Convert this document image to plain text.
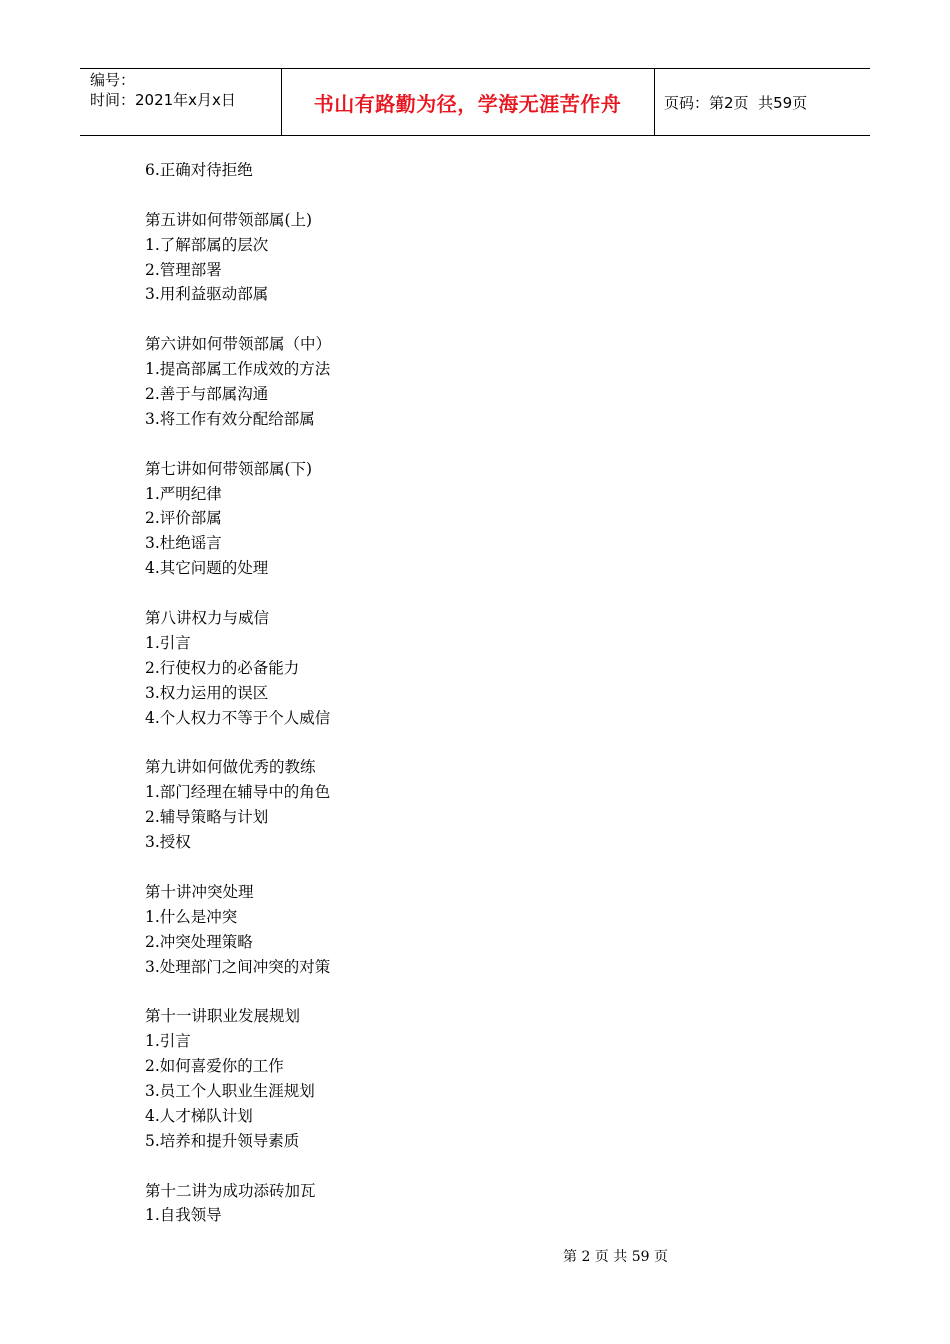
编号：
时间：2021年x月x日	书山有路勤为径，学海无涯苦作舟	页码：第2页  共59页
6.正确对待拒绝
第五讲如何带领部属(上)
1.了解部属的层次
2.管理部署
3.用利益驱动部属
第六讲如何带领部属（中）
1.提高部属工作成效的方法
2.善于与部属沟通
3.将工作有效分配给部属
第七讲如何带领部属(下)
1.严明纪律
2.评价部属
3.杜绝谣言
4.其它问题的处理
第八讲权力与威信
1.引言
2.行使权力的必备能力
3.权力运用的误区
4.个人权力不等于个人威信
第九讲如何做优秀的教练
1.部门经理在辅导中的角色
2.辅导策略与计划
3.授权
第十讲冲突处理
1.什么是冲突
2.冲突处理策略
3.处理部门之间冲突的对策
第十一讲职业发展规划
1.引言
2.如何喜爱你的工作
3.员工个人职业生涯规划
4.人才梯队计划
5.培养和提升领导素质
第十二讲为成功添砖加瓦
1.自我领导
第 2 页 共 59 页
